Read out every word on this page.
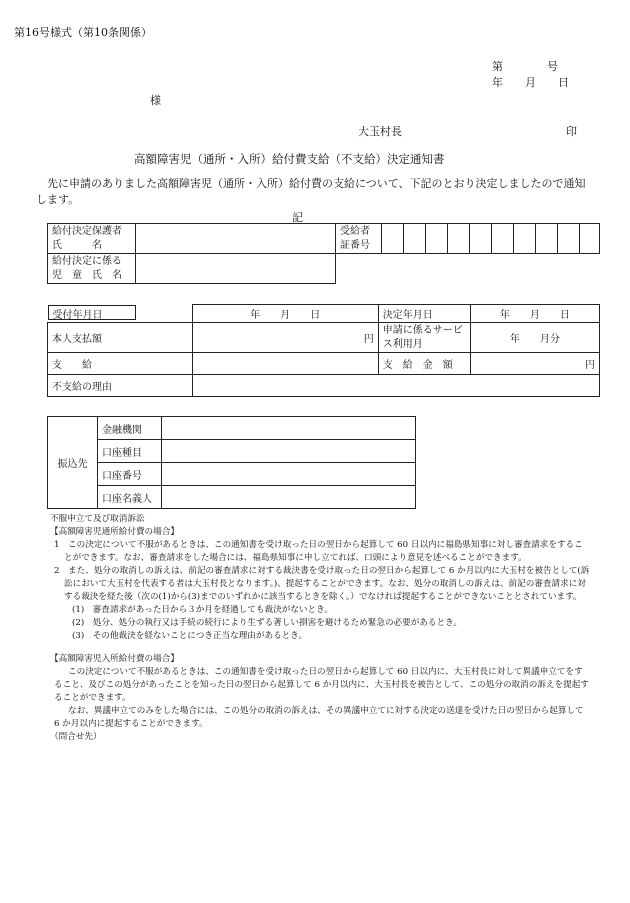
第16号様式（第10条関係）
第　　　　号
年　　月　　日
様
大玉村長	印
高額障害児（通所・入所）給付費支給（不支給）決定通知書
先に申請のありました高額障害児（通所・入所）給付費の支給について、下記のとおり決定しましたので通知します。
記
給付決定保護者氏　　　名		受給者証番号										
給付決定に係る児　童　氏　名												
受付年月日	年　　月　　日	決定年月日	年　　月　　日
本人支払額	円	申請に係るサービス利用月	年　　月分
支　　給		支　給　金　額	円
不支給の理由			
振込先	金融機関	
	口座種目	
	口座番号	
	口座名義人	

不服申立て及び取消訴訟

【高額障害児通所給付費の場合】

1　この決定について不服があるときは、この通知書を受け取った日の翌日から起算して 60 日以内に福島県知事に対し審査請求をすることができます。なお、審査請求をした場合には、福島県知事に申し立てれば、口頭により意見を述べることができます。

2　また、処分の取消しの訴えは、前記の審査請求に対する裁決書を受け取った日の翌日から起算して 6 か月以内に大玉村を被告として(訴訟において大玉村を代表する者は大玉村長となります。)、提起することができます。なお、処分の取消しの訴えは、前記の審査請求に対する裁決を経た後（次の(1)から(3)までのいずれかに該当するときを除く。）でなければ提起することができないこととされています。

(1)　審査請求があった日から３か月を経過しても裁決がないとき。

(2)　処分、処分の執行又は手続の続行により生ずる著しい損害を避けるため緊急の必要があるとき。

(3)　その他裁決を経ないことにつき正当な理由があるとき。

【高額障害児入所給付費の場合】

この決定について不服があるときは、この通知書を受け取った日の翌日から起算して 60 日以内に、大玉村長に対して異議申立てをすること、及びこの処分があったことを知った日の翌日から起算して 6 か月以内に、大玉村長を被告として、この処分の取消の訴えを提起することができます。

なお、異議申立てのみをした場合には、この処分の取消の訴えは、その異議申立てに対する決定の送達を受けた日の翌日から起算して 6 か月以内に提起することができます。

（問合せ先）
